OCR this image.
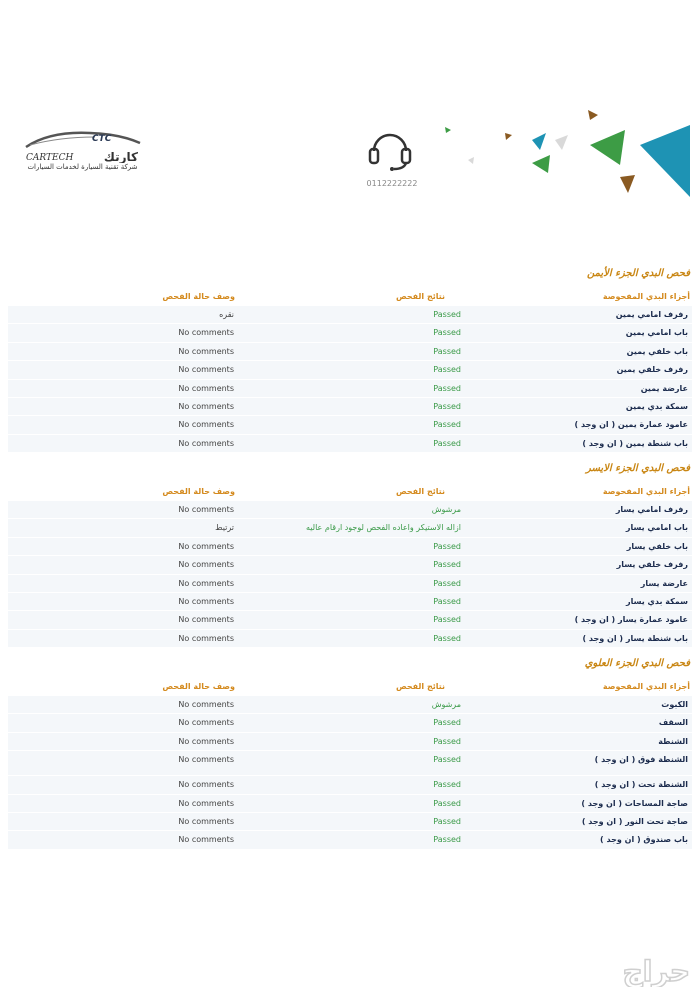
CTC
CARTECH	كارتك
شركة تقنية السيارة لخدمات السيارات
0112222222
فحص البدي الجزء الأيمن
أجزاء البدي المفحوصة
نتائج الفحص
وصف حالة الفحص
رفرف امامي يمين
Passed
نقره
باب امامي يمين
Passed
No comments
باب خلفي يمين
Passed
No comments
رفرف خلفي يمين
Passed
No comments
عارضة يمين
Passed
No comments
سمكة بدي يمين
Passed
No comments
عامود عمارة يمين ( ان وجد )
Passed
No comments
باب شنطة يمين ( ان وجد )
Passed
No comments
فحص البدي الجزء الايسر
أجزاء البدي المفحوصة
نتائج الفحص
وصف حالة الفحص
رفرف امامي يسار
مرشوش
No comments
باب امامي يسار
ازاله الاستيكر واعاده الفحص لوجود ارقام عاليه
ترتيط
باب خلفي يسار
Passed
No comments
رفرف خلفي يسار
Passed
No comments
عارضة يسار
Passed
No comments
سمكة بدي يسار
Passed
No comments
عامود عمارة يسار ( ان وجد )
Passed
No comments
باب شنطة يسار ( ان وجد )
Passed
No comments
فحص البدي الجزء العلوي
أجزاء البدي المفحوصة
نتائج الفحص
وصف حالة الفحص
الكبوت
مرشوش
No comments
السقف
Passed
No comments
الشنطة
Passed
No comments
الشنطة فوق ( ان وجد )
Passed
No comments
الشنطة تحت ( ان وجد )
Passed
No comments
صاجة المساحات ( ان وجد )
Passed
No comments
صاجة تحت النور ( ان وجد )
Passed
No comments
باب صندوق ( ان وجد )
Passed
No comments
حراج
